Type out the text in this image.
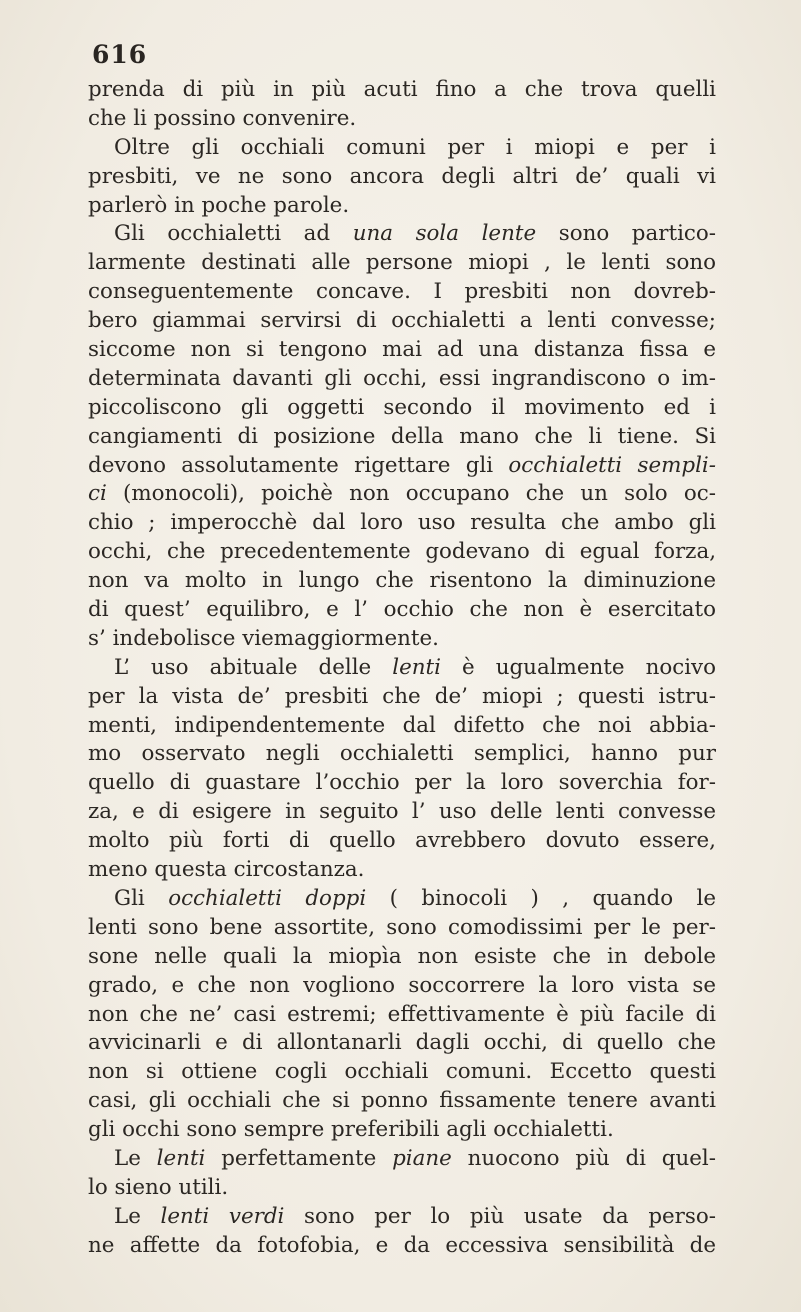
616
prenda di più in più acuti fino a che trova quelli
che li possino convenire.
Oltre gli occhiali comuni per i miopi e per i
presbiti, ve ne sono ancora degli altri de’ quali vi
parlerò in poche parole.
Gli occhialetti ad una sola lente sono partico-
larmente destinati alle persone miopi , le lenti sono
conseguentemente concave. I presbiti non dovreb-
bero giammai servirsi di occhialetti a lenti convesse;
siccome non si tengono mai ad una distanza fissa e
determinata davanti gli occhi, essi ingrandiscono o im-
piccoliscono gli oggetti secondo il movimento ed i
cangiamenti di posizione della mano che li tiene. Si
devono assolutamente rigettare gli occhialetti sempli-
ci (monocoli), poichè non occupano che un solo oc-
chio ; imperocchè dal loro uso resulta che ambo gli
occhi, che precedentemente godevano di egual forza,
non va molto in lungo che risentono la diminuzione
di quest’ equilibro, e l’ occhio che non è esercitato
s’ indebolisce viemaggiormente.
L’ uso abituale delle lenti è ugualmente nocivo
per la vista de’ presbiti che de’ miopi ; questi istru-
menti, indipendentemente dal difetto che noi abbia-
mo osservato negli occhialetti semplici, hanno pur
quello di guastare l’occhio per la loro soverchia for-
za, e di esigere in seguito l’ uso delle lenti convesse
molto più forti di quello avrebbero dovuto essere,
meno questa circostanza.
Gli occhialetti doppi ( binocoli ) , quando le
lenti sono bene assortite, sono comodissimi per le per-
sone nelle quali la miopìa non esiste che in debole
grado, e che non vogliono soccorrere la loro vista se
non che ne’ casi estremi; effettivamente è più facile di
avvicinarli e di allontanarli dagli occhi, di quello che
non si ottiene cogli occhiali comuni. Eccetto questi
casi, gli occhiali che si ponno fissamente tenere avanti
gli occhi sono sempre preferibili agli occhialetti.
Le lenti perfettamente piane nuocono più di quel-
lo sieno utili.
Le lenti verdi sono per lo più usate da perso-
ne affette da fotofobia, e da eccessiva sensibilità de
